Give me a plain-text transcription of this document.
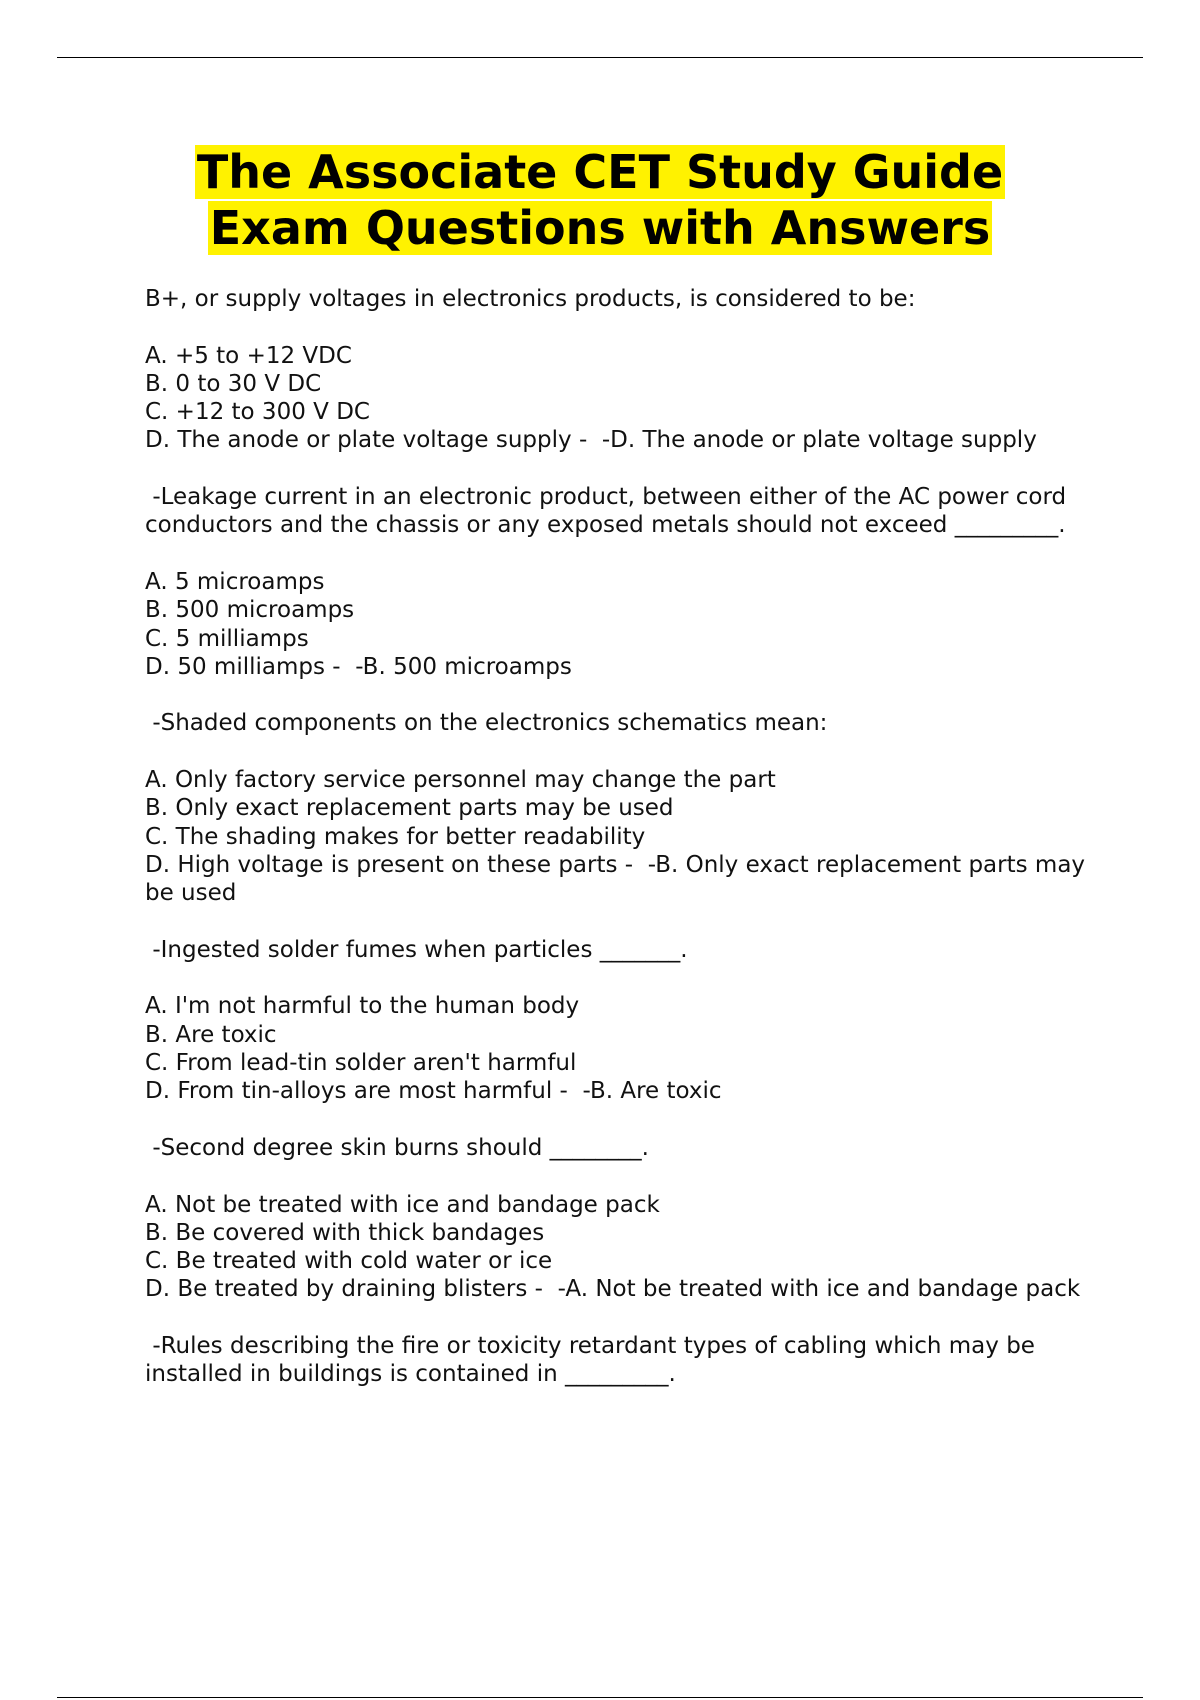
The Associate CET Study Guide
Exam Questions with Answers
B+, or supply voltages in electronics products, is considered to be:
A. +5 to +12 VDC
B. 0 to 30 V DC
C. +12 to 300 V DC
D. The anode or plate voltage supply -  -D. The anode or plate voltage supply
-Leakage current in an electronic product, between either of the AC power cord conductors and the chassis or any exposed metals should not exceed _________.
A. 5 microamps
B. 500 microamps
C. 5 milliamps
D. 50 milliamps -  -B. 500 microamps
-Shaded components on the electronics schematics mean:
A. Only factory service personnel may change the part
B. Only exact replacement parts may be used
C. The shading makes for better readability
D. High voltage is present on these parts -  -B. Only exact replacement parts may be used
-Ingested solder fumes when particles _______.
A. I'm not harmful to the human body
B. Are toxic
C. From lead-tin solder aren't harmful
D. From tin-alloys are most harmful -  -B. Are toxic
-Second degree skin burns should ________.
A. Not be treated with ice and bandage pack
B. Be covered with thick bandages
C. Be treated with cold water or ice
D. Be treated by draining blisters -  -A. Not be treated with ice and bandage pack
-Rules describing the fire or toxicity retardant types of cabling which may be installed in buildings is contained in _________.
